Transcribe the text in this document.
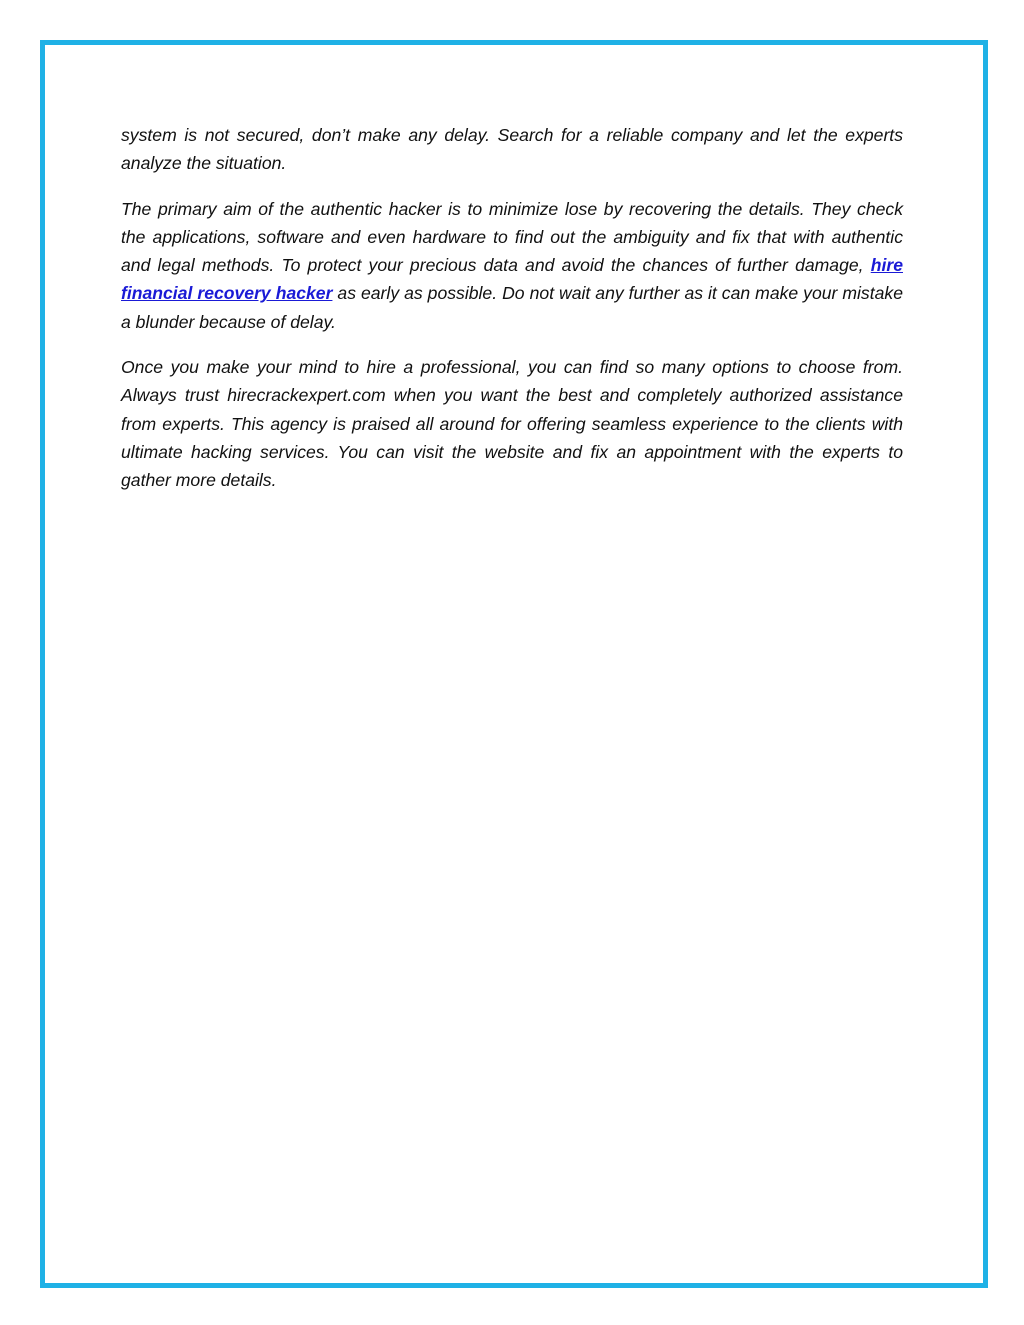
system is not secured, don’t make any delay. Search for a reliable company and let the experts analyze the situation.

The primary aim of the authentic hacker is to minimize lose by recovering the details. They check the applications, software and even hardware to find out the ambiguity and fix that with authentic and legal methods. To protect your precious data and avoid the chances of further damage, hire financial recovery hacker as early as possible. Do not wait any further as it can make your mistake a blunder because of delay.

Once you make your mind to hire a professional, you can find so many options to choose from. Always trust hirecrackexpert.com when you want the best and completely authorized assistance from experts. This agency is praised all around for offering seamless experience to the clients with ultimate hacking services. You can visit the website and fix an appointment with the experts to gather more details.
